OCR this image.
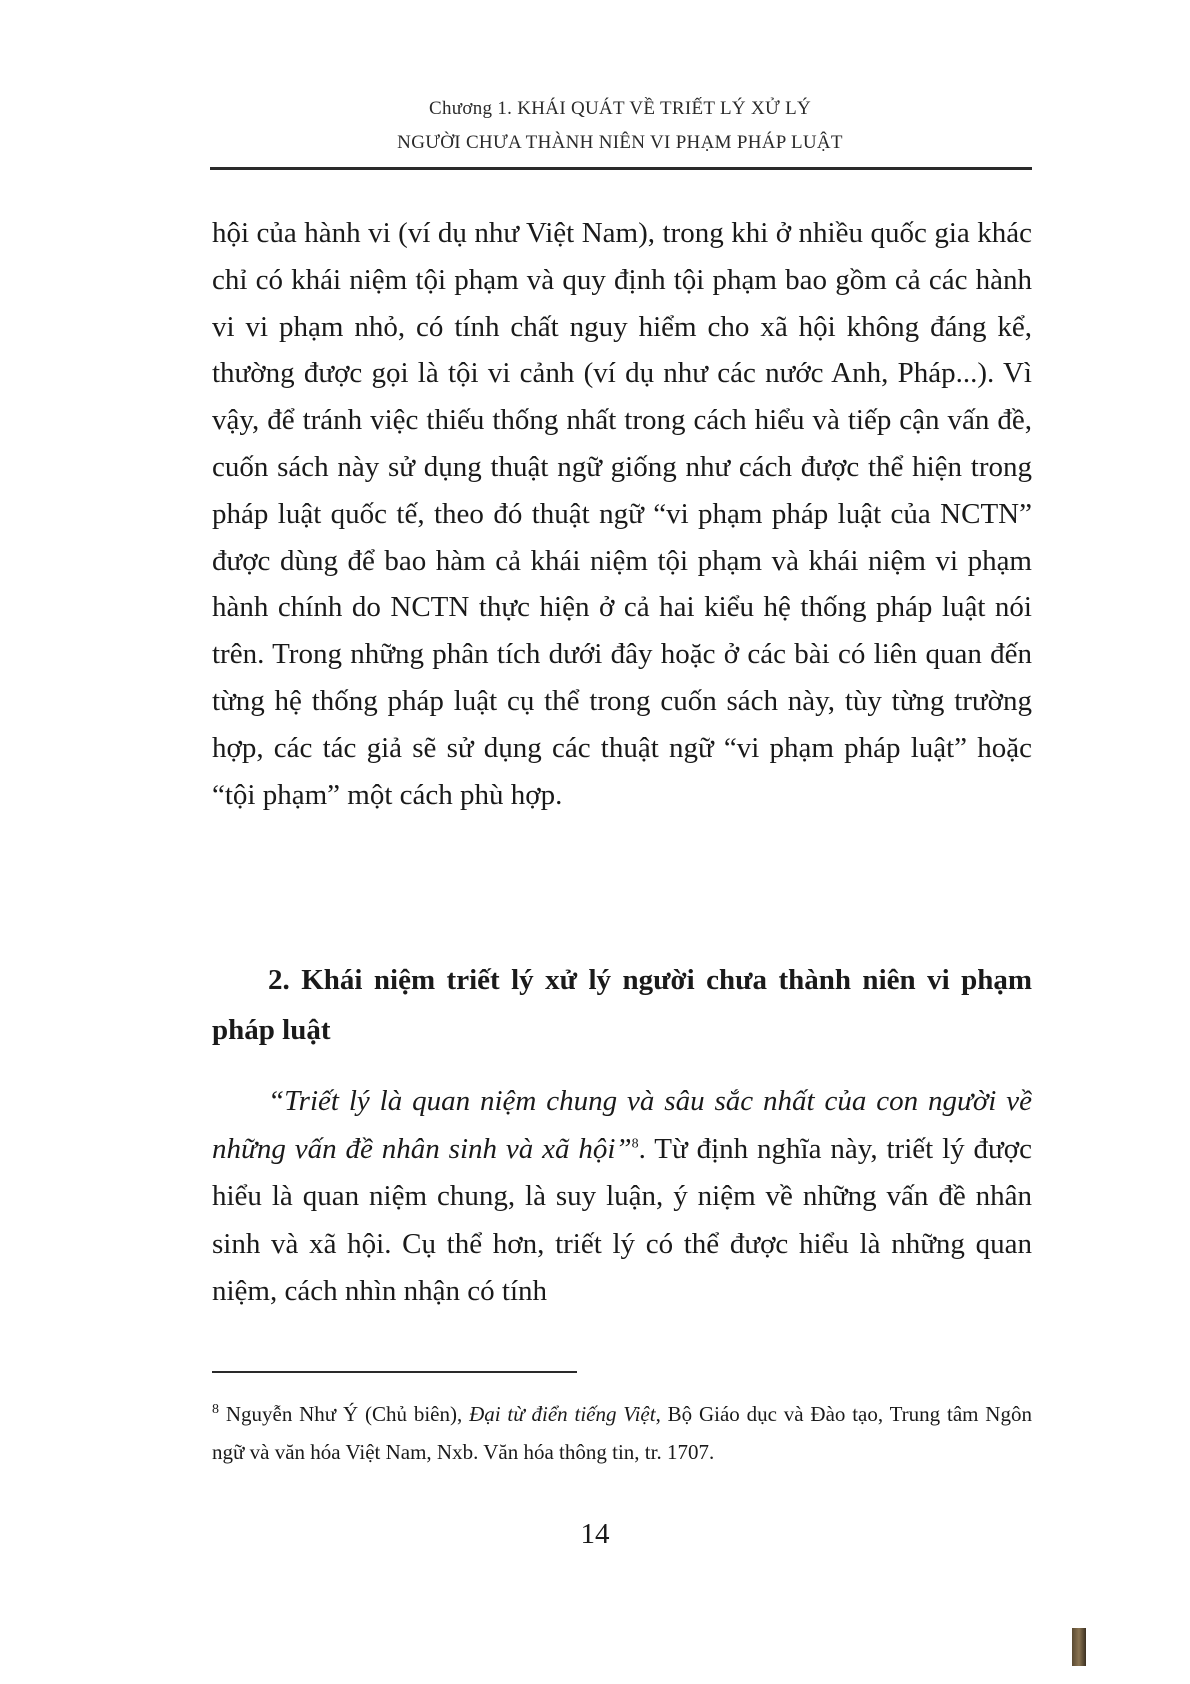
Chương 1. KHÁI QUÁT VỀ TRIẾT LÝ XỬ LÝ
NGƯỜI CHƯA THÀNH NIÊN VI PHẠM PHÁP LUẬT

hội của hành vi (ví dụ như Việt Nam), trong khi ở nhiều quốc gia khác chỉ có khái niệm tội phạm và quy định tội phạm bao gồm cả các hành vi vi phạm nhỏ, có tính chất nguy hiểm cho xã hội không đáng kể, thường được gọi là tội vi cảnh (ví dụ như các nước Anh, Pháp...). Vì vậy, để tránh việc thiếu thống nhất trong cách hiểu và tiếp cận vấn đề, cuốn sách này sử dụng thuật ngữ giống như cách được thể hiện trong pháp luật quốc tế, theo đó thuật ngữ “vi phạm pháp luật của NCTN” được dùng để bao hàm cả khái niệm tội phạm và khái niệm vi phạm hành chính do NCTN thực hiện ở cả hai kiểu hệ thống pháp luật nói trên. Trong những phân tích dưới đây hoặc ở các bài có liên quan đến từng hệ thống pháp luật cụ thể trong cuốn sách này, tùy từng trường hợp, các tác giả sẽ sử dụng các thuật ngữ “vi phạm pháp luật” hoặc “tội phạm” một cách phù hợp.

2. Khái niệm triết lý xử lý người chưa thành niên vi phạm pháp luật

“Triết lý là quan niệm chung và sâu sắc nhất của con người về những vấn đề nhân sinh và xã hội”$^8$. Từ định nghĩa này, triết lý được hiểu là quan niệm chung, là suy luận, ý niệm về những vấn đề nhân sinh và xã hội. Cụ thể hơn, triết lý có thể được hiểu là những quan niệm, cách nhìn nhận có tính

$^8$ Nguyễn Như Ý (Chủ biên), Đại từ điển tiếng Việt, Bộ Giáo dục và Đào tạo, Trung tâm Ngôn ngữ và văn hóa Việt Nam, Nxb. Văn hóa thông tin, tr. 1707.

14
